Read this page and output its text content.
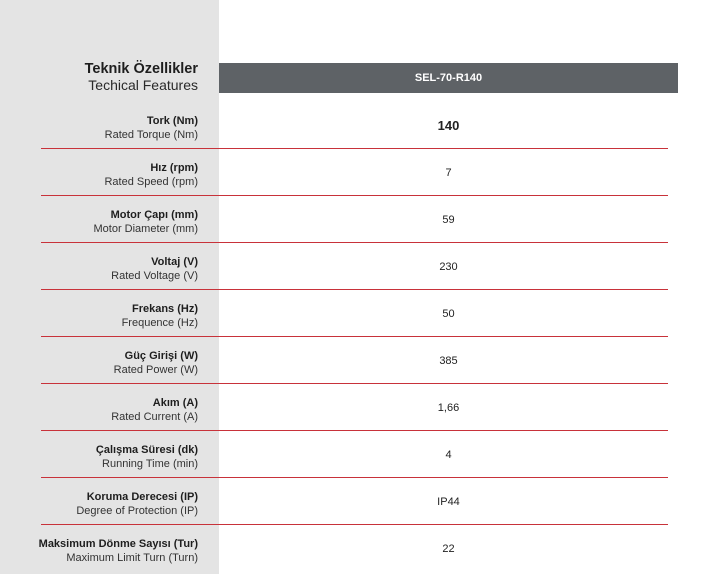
Teknik Özellikler
Techical Features	SEL-70-R140
Tork (Nm)
Rated Torque (Nm)
140
Hız (rpm)
Rated Speed (rpm)
7
Motor Çapı (mm)
Motor Diameter (mm)
59
Voltaj (V)
Rated Voltage (V)
230
Frekans (Hz)
Frequence (Hz)
50
Güç Girişi (W)
Rated Power (W)
385
Akım (A)
Rated Current (A)
1,66
Çalışma Süresi (dk)
Running Time (min)
4
Koruma Derecesi (IP)
Degree of Protection (IP)
IP44
Maksimum Dönme Sayısı (Tur)
Maximum Limit Turn (Turn)
22
